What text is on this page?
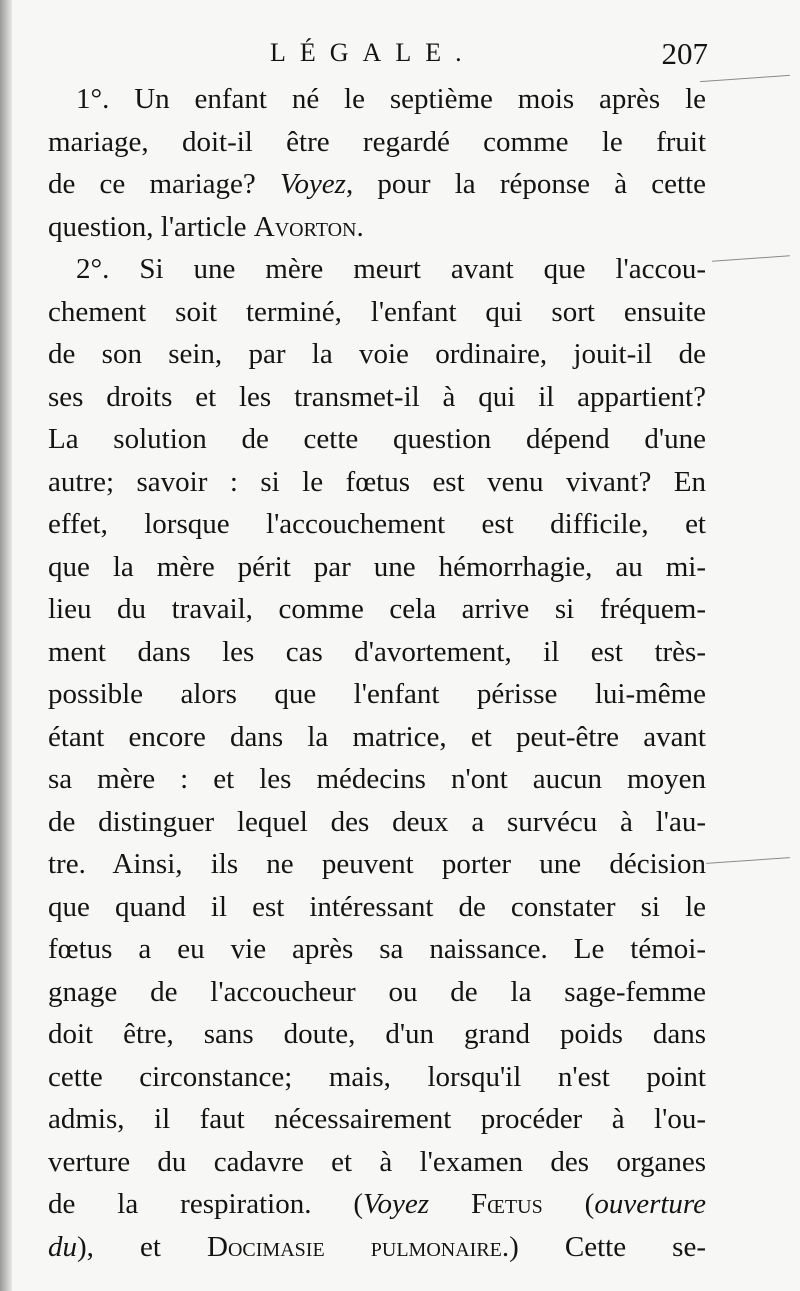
LÉGALE.	207
1°. Un enfant né le septième mois après le
mariage, doit-il être regardé comme le fruit
de ce mariage? Voyez, pour la réponse à cette
question, l'article Avorton.
2°. Si une mère meurt avant que l'accou-
chement soit terminé, l'enfant qui sort ensuite
de son sein, par la voie ordinaire, jouit-il de
ses droits et les transmet-il à qui il appartient?
La solution de cette question dépend d'une
autre; savoir : si le fœtus est venu vivant? En
effet, lorsque l'accouchement est difficile, et
que la mère périt par une hémorrhagie, au mi-
lieu du travail, comme cela arrive si fréquem-
ment dans les cas d'avortement, il est très-
possible alors que l'enfant périsse lui-même
étant encore dans la matrice, et peut-être avant
sa mère : et les médecins n'ont aucun moyen
de distinguer lequel des deux a survécu à l'au-
tre. Ainsi, ils ne peuvent porter une décision
que quand il est intéressant de constater si le
fœtus a eu vie après sa naissance. Le témoi-
gnage de l'accoucheur ou de la sage-femme
doit être, sans doute, d'un grand poids dans
cette circonstance; mais, lorsqu'il n'est point
admis, il faut nécessairement procéder à l'ou-
verture du cadavre et à l'examen des organes
de la respiration. (Voyez Fœtus (ouverture
du), et Docimasie pulmonaire.) Cette se-
